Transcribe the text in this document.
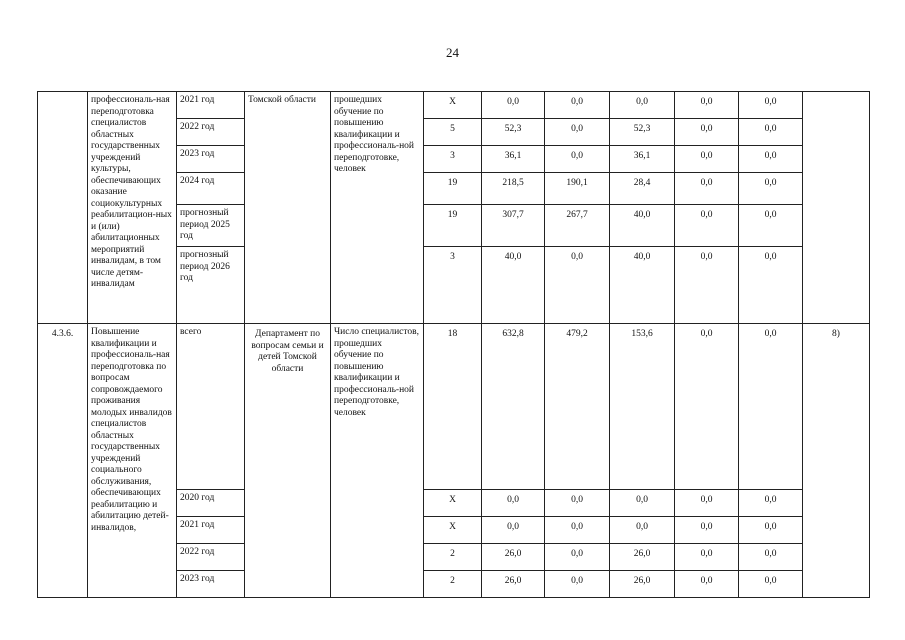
24
	профессиональ-ная переподготовка специалистов областных государственных учреждений культуры, обеспечивающих оказание социокультурных реабилитацион-ных и (или) абилитационных мероприятий инвалидам, в том числе детям-инвалидам	2021 год	Томской области	прошедших обучение по повышению квалификации и профессиональ-ной переподготовке, человек	X	0,0	0,0	0,0	0,0	0,0	
		2022 год			5	52,3	0,0	52,3	0,0	0,0	
		2023 год			3	36,1	0,0	36,1	0,0	0,0	
		2024 год			19	218,5	190,1	28,4	0,0	0,0	
		прогнозный период 2025 год			19	307,7	267,7	40,0	0,0	0,0	
		прогнозный период 2026 год			3	40,0	0,0	40,0	0,0	0,0	
4.3.6.	Повышение квалификации и профессиональ-ная переподготовка по вопросам сопровождаемого проживания молодых инвалидов специалистов областных государственных учреждений социального обслуживания, обеспечивающих реабилитацию и абилитацию детей-инвалидов,	всего	Департамент по вопросам семьи и детей Томской области	Число специалистов, прошедших обучение по повышению квалификации и профессиональ-ной переподготовке, человек	18	632,8	479,2	153,6	0,0	0,0	8)
		2020 год			X	0,0	0,0	0,0	0,0	0,0	
		2021 год			X	0,0	0,0	0,0	0,0	0,0	
		2022 год			2	26,0	0,0	26,0	0,0	0,0	
		2023 год			2	26,0	0,0	26,0	0,0	0,0	
